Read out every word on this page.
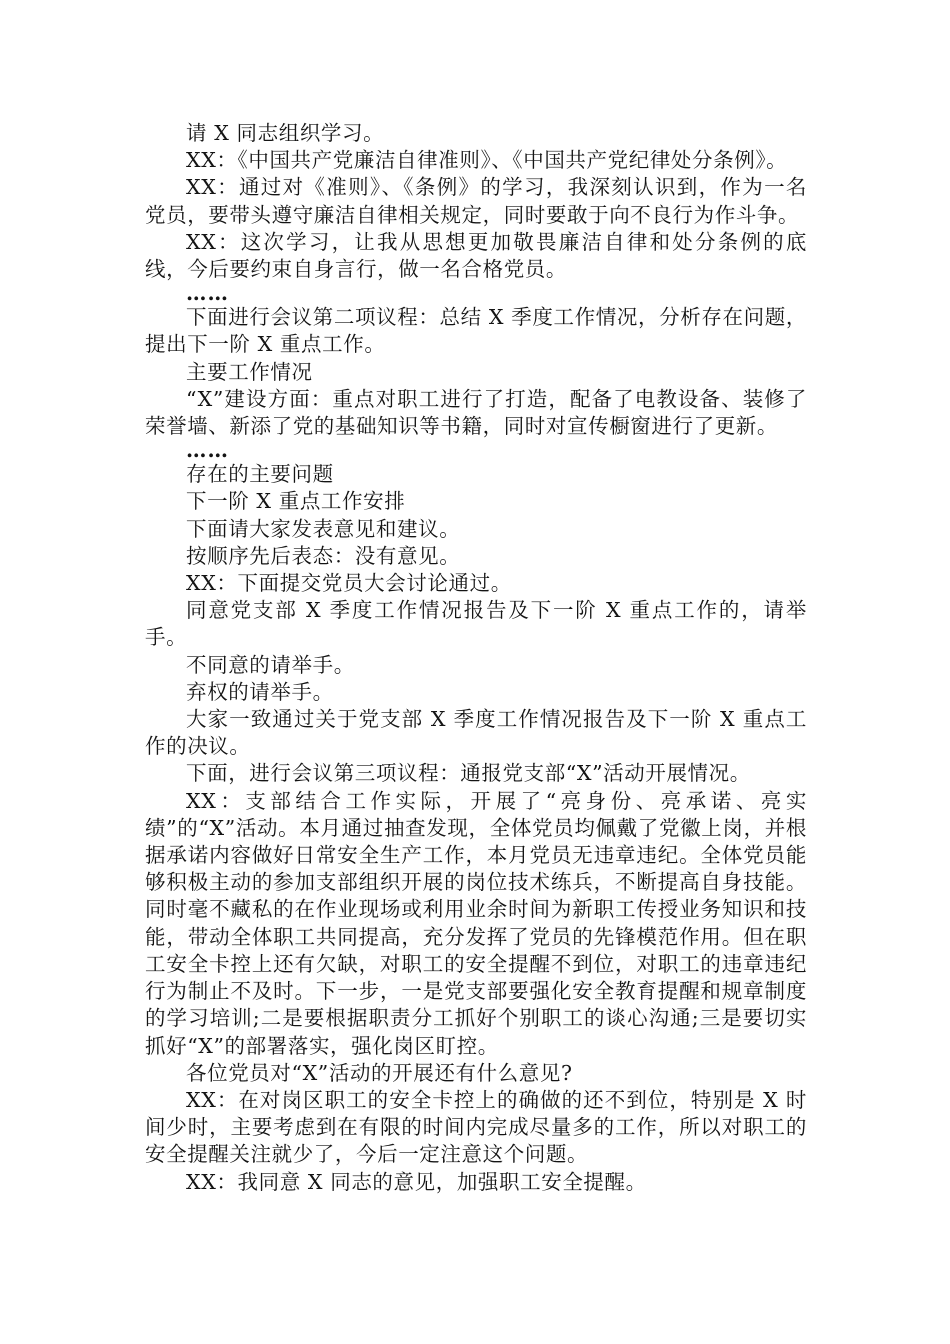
请 X 同志组织学习。

XX：《中国共产党廉洁自律准则》、《中国共产党纪律处分条例》。

XX：通过对《准则》、《条例》的学习，我深刻认识到，作为一名党员，要带头遵守廉洁自律相关规定，同时要敢于向不良行为作斗争。

XX：这次学习，让我从思想更加敬畏廉洁自律和处分条例的底线，今后要约束自身言行，做一名合格党员。

……

下面进行会议第二项议程：总结 X 季度工作情况，分析存在问题，提出下一阶 X 重点工作。

主要工作情况

“X”建设方面：重点对职工进行了打造，配备了电教设备、装修了荣誉墙、新添了党的基础知识等书籍，同时对宣传橱窗进行了更新。

……

存在的主要问题

下一阶 X 重点工作安排

下面请大家发表意见和建议。

按顺序先后表态：没有意见。

XX：下面提交党员大会讨论通过。

同意党支部 X 季度工作情况报告及下一阶 X 重点工作的，请举手。

不同意的请举手。

弃权的请举手。

大家一致通过关于党支部 X 季度工作情况报告及下一阶 X 重点工作的决议。

下面，进行会议第三项议程：通报党支部“X”活动开展情况。

XX：支部结合工作实际，开展了“亮身份、亮承诺、亮实绩”的“X”活动。本月通过抽查发现，全体党员均佩戴了党徽上岗，并根据承诺内容做好日常安全生产工作，本月党员无违章违纪。全体党员能够积极主动的参加支部组织开展的岗位技术练兵，不断提高自身技能。同时毫不藏私的在作业现场或利用业余时间为新职工传授业务知识和技能，带动全体职工共同提高，充分发挥了党员的先锋模范作用。但在职工安全卡控上还有欠缺，对职工的安全提醒不到位，对职工的违章违纪行为制止不及时。下一步，一是党支部要强化安全教育提醒和规章制度的学习培训;二是要根据职责分工抓好个别职工的谈心沟通;三是要切实抓好“X”的部署落实，强化岗区盯控。

各位党员对“X”活动的开展还有什么意见?

XX：在对岗区职工的安全卡控上的确做的还不到位，特别是 X 时间少时，主要考虑到在有限的时间内完成尽量多的工作，所以对职工的安全提醒关注就少了，今后一定注意这个问题。

XX：我同意 X 同志的意见，加强职工安全提醒。
